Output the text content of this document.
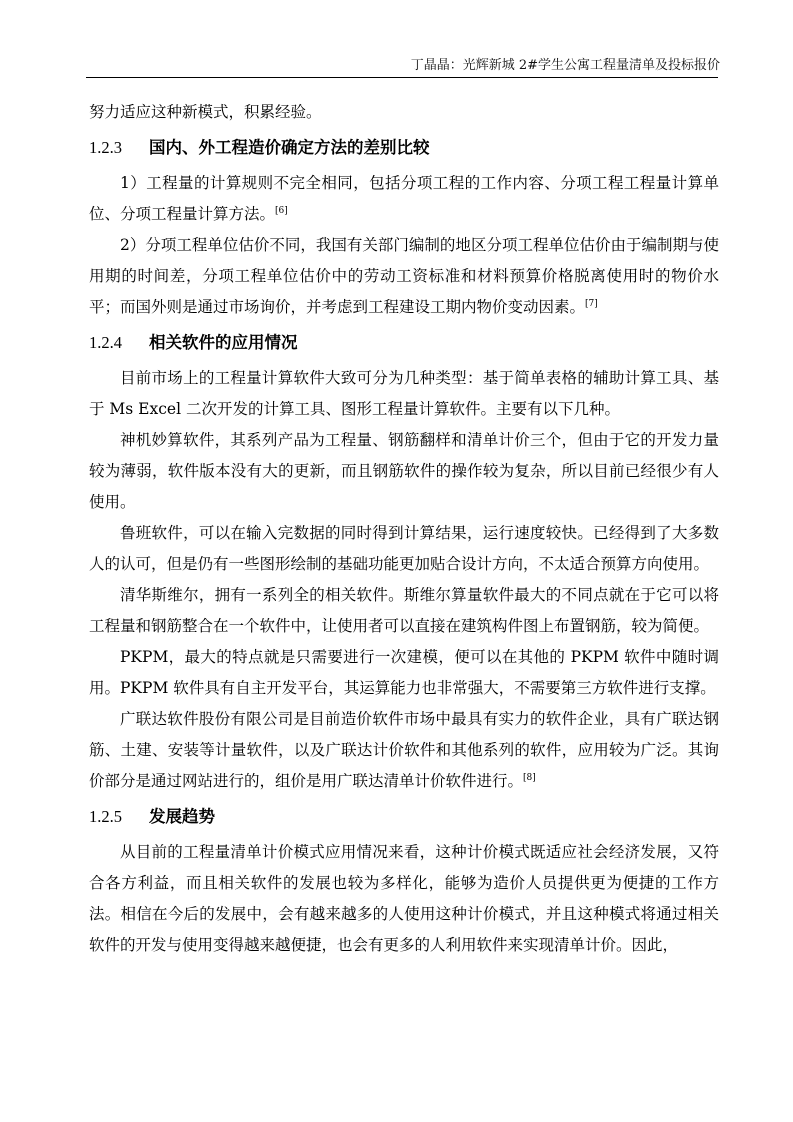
丁晶晶：光辉新城 2#学生公寓工程量清单及投标报价

努力适应这种新模式，积累经验。

1.2.3 国内、外工程造价确定方法的差别比较

1）工程量的计算规则不完全相同，包括分项工程的工作内容、分项工程工程量计算单位、分项工程量计算方法。[6]

2）分项工程单位估价不同，我国有关部门编制的地区分项工程单位估价由于编制期与使用期的时间差，分项工程单位估价中的劳动工资标准和材料预算价格脱离使用时的物价水平；而国外则是通过市场询价，并考虑到工程建设工期内物价变动因素。[7]

1.2.4 相关软件的应用情况

目前市场上的工程量计算软件大致可分为几种类型：基于简单表格的辅助计算工具、基于 Ms Excel 二次开发的计算工具、图形工程量计算软件。主要有以下几种。

神机妙算软件，其系列产品为工程量、钢筋翻样和清单计价三个，但由于它的开发力量较为薄弱，软件版本没有大的更新，而且钢筋软件的操作较为复杂，所以目前已经很少有人使用。

鲁班软件，可以在输入完数据的同时得到计算结果，运行速度较快。已经得到了大多数人的认可，但是仍有一些图形绘制的基础功能更加贴合设计方向，不太适合预算方向使用。

清华斯维尔，拥有一系列全的相关软件。斯维尔算量软件最大的不同点就在于它可以将工程量和钢筋整合在一个软件中，让使用者可以直接在建筑构件图上布置钢筋，较为简便。

PKPM，最大的特点就是只需要进行一次建模，便可以在其他的 PKPM 软件中随时调用。PKPM 软件具有自主开发平台，其运算能力也非常强大，不需要第三方软件进行支撑。

广联达软件股份有限公司是目前造价软件市场中最具有实力的软件企业，具有广联达钢筋、土建、安装等计量软件，以及广联达计价软件和其他系列的软件，应用较为广泛。其询价部分是通过网站进行的，组价是用广联达清单计价软件进行。[8]

1.2.5 发展趋势

从目前的工程量清单计价模式应用情况来看，这种计价模式既适应社会经济发展，又符合各方利益，而且相关软件的发展也较为多样化，能够为造价人员提供更为便捷的工作方法。相信在今后的发展中，会有越来越多的人使用这种计价模式，并且这种模式将通过相关软件的开发与使用变得越来越便捷，也会有更多的人利用软件来实现清单计价。因此，
